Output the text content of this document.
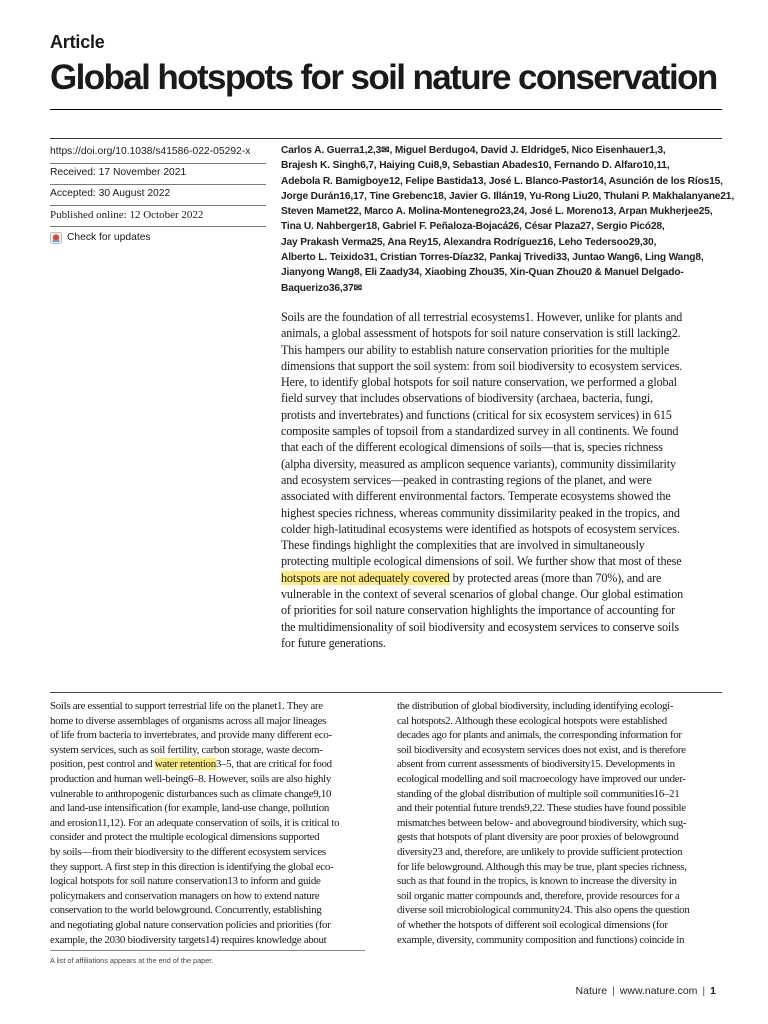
Article
Global hotspots for soil nature conservation
https://doi.org/10.1038/s41586-022-05292-x
Received: 17 November 2021
Accepted: 30 August 2022
Published online: 12 October 2022
Check for updates
Carlos A. Guerra1,2,3✉, Miguel Berdugo4, David J. Eldridge5, Nico Eisenhauer1,3,
Brajesh K. Singh6,7, Haiying Cui8,9, Sebastian Abades10, Fernando D. Alfaro10,11,
Adebola R. Bamigboye12, Felipe Bastida13, José L. Blanco-Pastor14, Asunción de los Ríos15,
Jorge Durán16,17, Tine Grebenc18, Javier G. Illán19, Yu-Rong Liu20, Thulani P. Makhalanyane21,
Steven Mamet22, Marco A. Molina-Montenegro23,24, José L. Moreno13, Arpan Mukherjee25,
Tina U. Nahberger18, Gabriel F. Peñaloza-Bojacá26, César Plaza27, Sergio Picó28,
Jay Prakash Verma25, Ana Rey15, Alexandra Rodríguez16, Leho Tedersoo29,30,
Alberto L. Teixido31, Cristian Torres-Díaz32, Pankaj Trivedi33, Juntao Wang6, Ling Wang8,
Jianyong Wang8, Eli Zaady34, Xiaobing Zhou35, Xin-Quan Zhou20 & Manuel Delgado-
Baquerizo36,37✉
Soils are the foundation of all terrestrial ecosystems1. However, unlike for plants and
animals, a global assessment of hotspots for soil nature conservation is still lacking2.
This hampers our ability to establish nature conservation priorities for the multiple
dimensions that support the soil system: from soil biodiversity to ecosystem services.
Here, to identify global hotspots for soil nature conservation, we performed a global
field survey that includes observations of biodiversity (archaea, bacteria, fungi,
protists and invertebrates) and functions (critical for six ecosystem services) in 615
composite samples of topsoil from a standardized survey in all continents. We found
that each of the different ecological dimensions of soils—that is, species richness
(alpha diversity, measured as amplicon sequence variants), community dissimilarity
and ecosystem services—peaked in contrasting regions of the planet, and were
associated with different environmental factors. Temperate ecosystems showed the
highest species richness, whereas community dissimilarity peaked in the tropics, and
colder high-latitudinal ecosystems were identified as hotspots of ecosystem services.
These findings highlight the complexities that are involved in simultaneously
protecting multiple ecological dimensions of soil. We further show that most of these
hotspots are not adequately covered by protected areas (more than 70%), and are
vulnerable in the context of several scenarios of global change. Our global estimation
of priorities for soil nature conservation highlights the importance of accounting for
the multidimensionality of soil biodiversity and ecosystem services to conserve soils
for future generations.
Soils are essential to support terrestrial life on the planet1. They are
home to diverse assemblages of organisms across all major lineages
of life from bacteria to invertebrates, and provide many different eco-
system services, such as soil fertility, carbon storage, waste decom-
position, pest control and water retention3–5, that are critical for food
production and human well-being6–8. However, soils are also highly
vulnerable to anthropogenic disturbances such as climate change9,10
and land-use intensification (for example, land-use change, pollution
and erosion11,12). For an adequate conservation of soils, it is critical to
consider and protect the multiple ecological dimensions supported
by soils—from their biodiversity to the different ecosystem services
they support. A first step in this direction is identifying the global eco-
logical hotspots for soil nature conservation13 to inform and guide
policymakers and conservation managers on how to extend nature
conservation to the world belowground. Concurrently, establishing
and negotiating global nature conservation policies and priorities (for
example, the 2030 biodiversity targets14) requires knowledge about
the distribution of global biodiversity, including identifying ecologi-
cal hotspots2. Although these ecological hotspots were established
decades ago for plants and animals, the corresponding information for
soil biodiversity and ecosystem services does not exist, and is therefore
absent from current assessments of biodiversity15. Developments in
ecological modelling and soil macroecology have improved our under-
standing of the global distribution of multiple soil communities16–21
and their potential future trends9,22. These studies have found possible
mismatches between below- and aboveground biodiversity, which sug-
gests that hotspots of plant diversity are poor proxies of belowground
diversity23 and, therefore, are unlikely to provide sufficient protection
for life belowground. Although this may be true, plant species richness,
such as that found in the tropics, is known to increase the diversity in
soil organic matter compounds and, therefore, provide resources for a
diverse soil microbiological community24. This also opens the question
of whether the hotspots of different soil ecological dimensions (for
example, diversity, community composition and functions) coincide in
A list of affiliations appears at the end of the paper.
Nature | www.nature.com | 1
